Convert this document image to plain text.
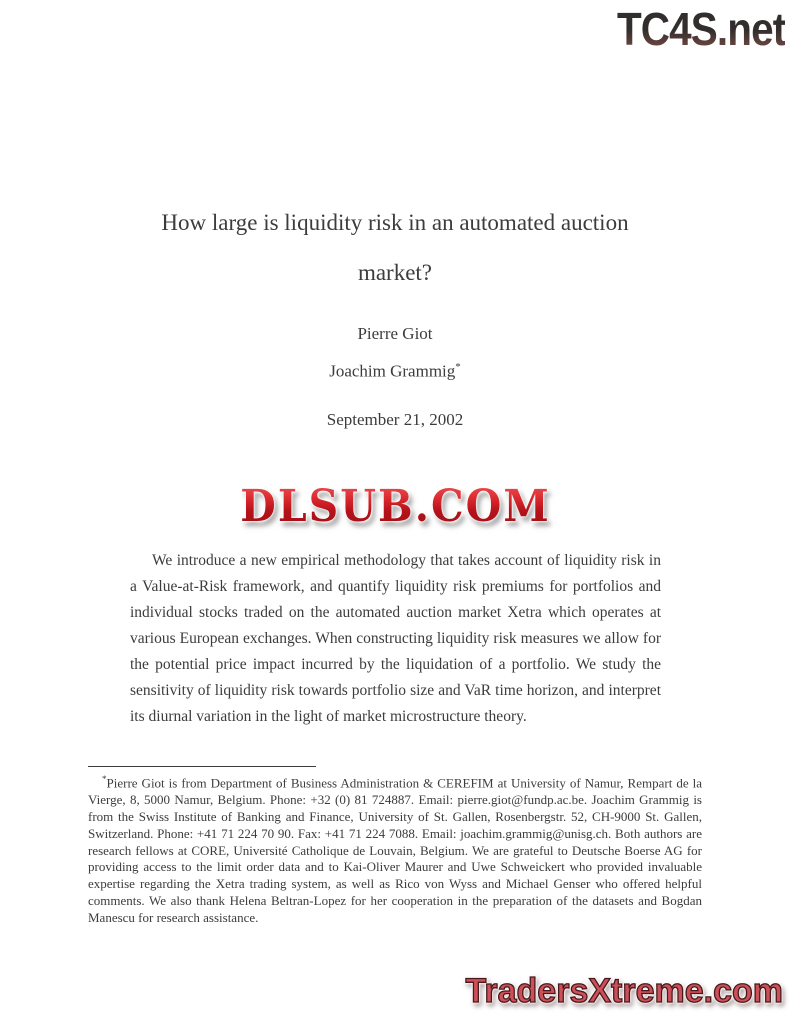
TC4S.net
How large is liquidity risk in an automated auction
market?

Pierre Giot

Joachim Grammig*

September 21, 2002
DLSUB.COM

We introduce a new empirical methodology that takes account of liquidity risk in a Value-at-Risk framework, and quantify liquidity risk premiums for portfolios and individual stocks traded on the automated auction market Xetra which operates at various European exchanges. When constructing liquidity risk measures we allow for the potential price impact incurred by the liquidation of a portfolio. We study the sensitivity of liquidity risk towards portfolio size and VaR time horizon, and interpret its diurnal variation in the light of market microstructure theory.

*Pierre Giot is from Department of Business Administration & CEREFIM at University of Namur, Rempart de la Vierge, 8, 5000 Namur, Belgium. Phone: +32 (0) 81 724887. Email: pierre.giot@fundp.ac.be. Joachim Grammig is from the Swiss Institute of Banking and Finance, University of St. Gallen, Rosenbergstr. 52, CH-9000 St. Gallen, Switzerland. Phone: +41 71 224 70 90. Fax: +41 71 224 7088. Email: joachim.grammig@unisg.ch. Both authors are research fellows at CORE, Université Catholique de Louvain, Belgium. We are grateful to Deutsche Boerse AG for providing access to the limit order data and to Kai-Oliver Maurer and Uwe Schweickert who provided invaluable expertise regarding the Xetra trading system, as well as Rico von Wyss and Michael Genser who offered helpful comments. We also thank Helena Beltran-Lopez for her cooperation in the preparation of the datasets and Bogdan Manescu for research assistance.

TradersXtreme.com
